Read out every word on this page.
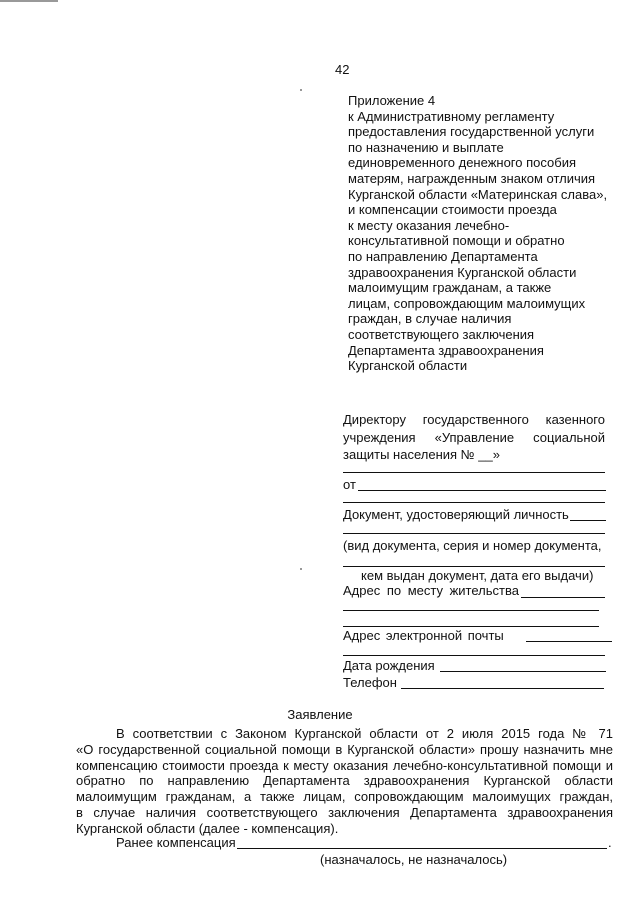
42
Приложение 4
к Административному регламенту
предоставления государственной услуги
по назначению и выплате
единовременного денежного пособия
матерям, награжденным знаком отличия
Курганской области «Материнская слава»,
и компенсации стоимости проезда
к месту оказания лечебно-
консультативной помощи и обратно
по направлению Департамента
здравоохранения Курганской области
малоимущим гражданам, а также
лицам, сопровождающим малоимущих
граждан, в случае наличия
соответствующего заключения
Департамента здравоохранения
Курганской области
Директору государственного казенного
учреждения «Управление социальной
защиты населения № __»
от
Документ, удостоверяющий личность
(вид документа, серия и номер документа,
кем выдан документ, дата его выдачи)
Адрес по месту жительства
Адрес электронной почты
Дата рождения
Телефон
Заявление
В соответствии с Законом Курганской области от 2 июля 2015 года № 71
«О государственной социальной помощи в Курганской области» прошу назначить мне
компенсацию стоимости проезда к месту оказания лечебно-консультативной помощи и
обратно по направлению Департамента здравоохранения Курганской области
малоимущим гражданам, а также лицам, сопровождающим малоимущих граждан,
в случае наличия соответствующего заключения Департамента здравоохранения
Курганской области (далее - компенсация).
Ранее компенсация	.
(назначалось, не назначалось)
